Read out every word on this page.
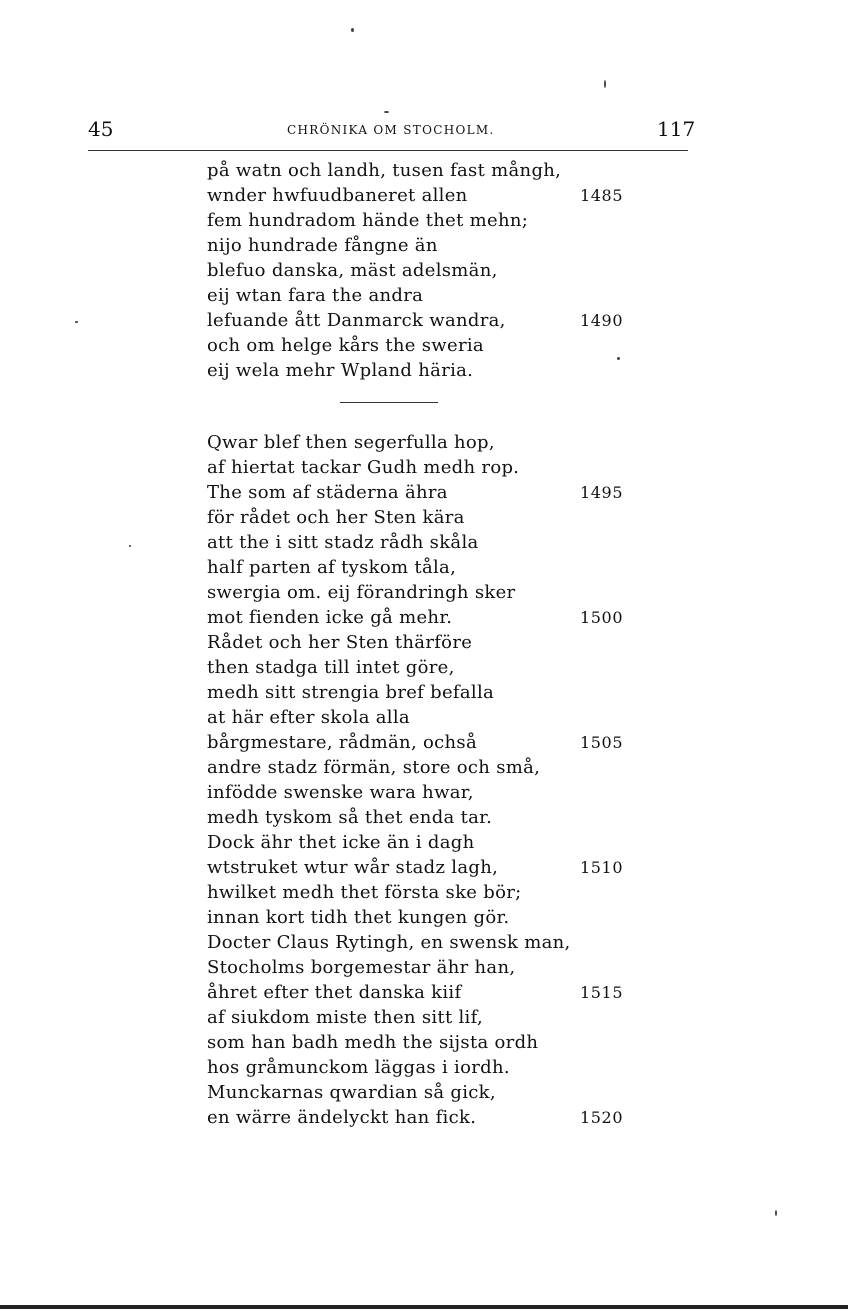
45	CHRÖNIKA OM STOCHOLM.	117
på watn och landh, tusen fast mångh,
wnder hwfuudbaneret allen	1485
fem hundradom hände thet mehn;
nijo hundrade fångne än
blefuo danska, mäst adelsmän,
eij wtan fara the andra
lefuande ått Danmarck wandra,	1490
och om helge kårs the sweria
eij wela mehr Wpland häria.
Qwar blef then segerfulla hop,
af hiertat tackar Gudh medh rop.
The som af städerna ähra	1495
för rådet och her Sten kära
att the i sitt stadz rådh skåla
half parten af tyskom tåla,
swergia om. eij förandringh sker
mot fienden icke gå mehr.	1500
Rådet och her Sten thärföre
then stadga till intet göre,
medh sitt strengia bref befalla
at här efter skola alla
bårgmestare, rådmän, ochså	1505
andre stadz förmän, store och små,
infödde swenske wara hwar,
medh tyskom så thet enda tar.
Dock ähr thet icke än i dagh
wtstruket wtur wår stadz lagh,	1510
hwilket medh thet första ske bör;
innan kort tidh thet kungen gör.
Docter Claus Rytingh, en swensk man,
Stocholms borgemestar ähr han,
åhret efter thet danska kiif	1515
af siukdom miste then sitt lif,
som han badh medh the sijsta ordh
hos gråmunckom läggas i iordh.
Munckarnas qwardian så gick,
en wärre ändelyckt han fick.	1520
